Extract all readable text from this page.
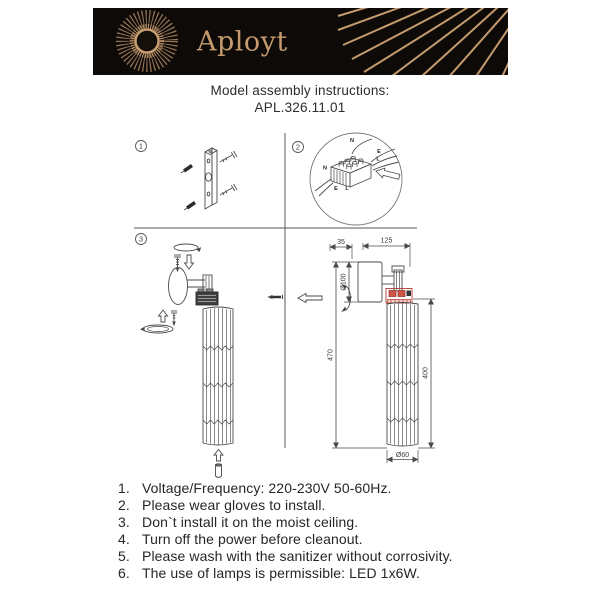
Aployt
Model assembly instructions:
APL.326.11.01
1	2
3
N
E
L
N
E L
35	125
Ø100
470
400
Ø60
1. Voltage/Frequency: 220-230V 50-60Hz.
2. Please wear gloves to install.
3. Don`t install it on the moist ceiling.
4. Turn off the power before cleanout.
5. Please wash with the sanitizer without corrosivity.
6. The use of lamps is permissible: LED 1x6W.
